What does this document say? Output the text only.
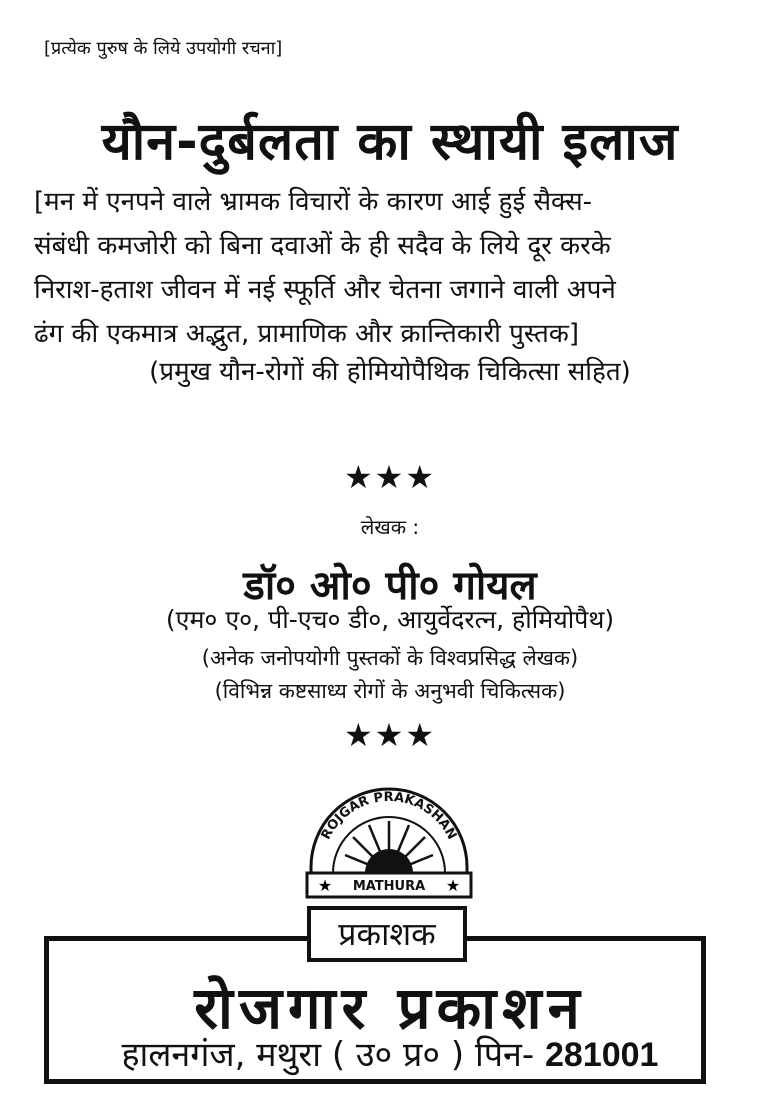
[प्रत्येक पुरुष के लिये उपयोगी रचना]
यौन-दुर्बलता का स्थायी इलाज
[मन में एनपने वाले भ्रामक विचारों के कारण आई हुई सैक्स-
संबंधी कमजोरी को बिना दवाओं के ही सदैव के लिये दूर करके
निराश-हताश जीवन में नई स्फूर्ति और चेतना जगाने वाली अपने
ढंग की एकमात्र अद्भुत, प्रामाणिक और क्रान्तिकारी पुस्तक]
(प्रमुख यौन-रोगों की होमियोपैथिक चिकित्सा सहित)
★★★
लेखक :
डॉ० ओ० पी० गोयल
(एम० ए०, पी-एच० डी०, आयुर्वेदरत्न, होमियोपैथ)
(अनेक जनोपयोगी पुस्तकों के विश्वप्रसिद्ध लेखक)
(विभिन्न कष्टसाध्य रोगों के अनुभवी चिकित्सक)
★★★
ROJGAR PRAKASHAN
★	★
MATHURA
प्रकाशक
रोजगार प्रकाशन
हालनगंज, मथुरा ( उ० प्र० ) पिन- 281001
